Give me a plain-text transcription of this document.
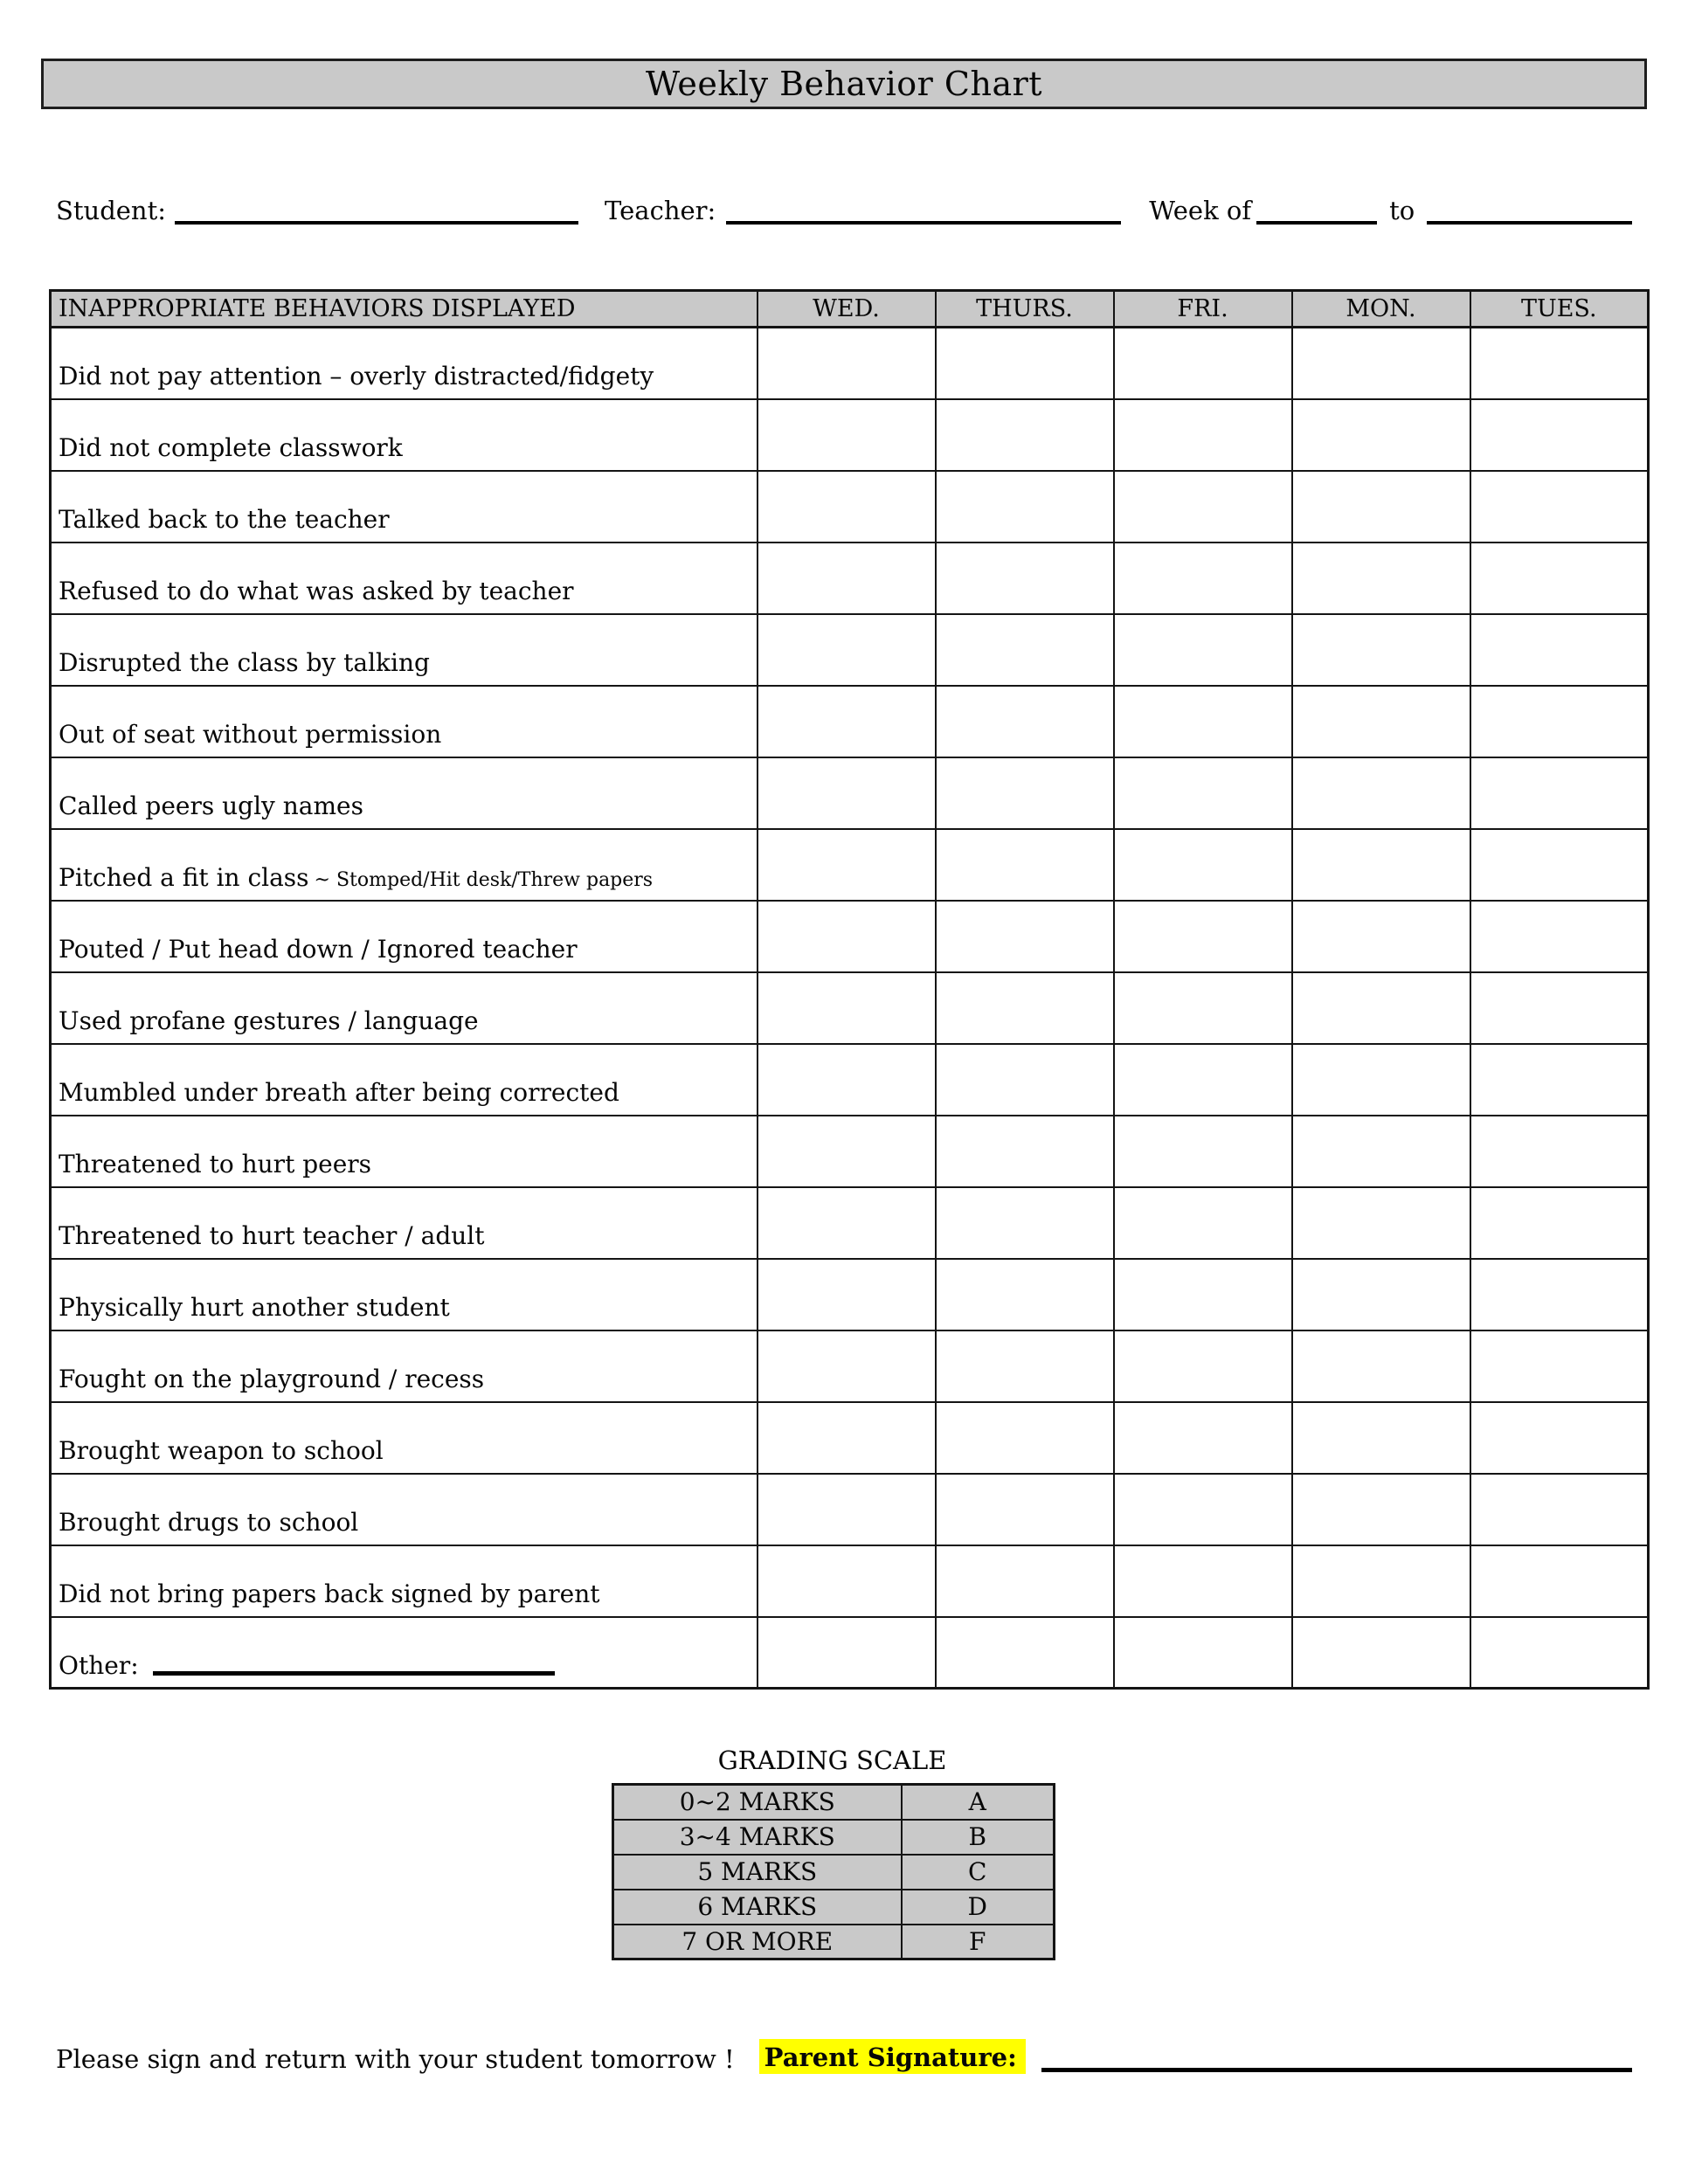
Weekly Behavior Chart
Student:	Teacher:	Week of	to
INAPPROPRIATE BEHAVIORS DISPLAYED	WED.	THURS.	FRI.	MON.	TUES.
Did not pay attention – overly distracted/fidgety					
Did not complete classwork					
Talked back to the teacher					
Refused to do what was asked by teacher					
Disrupted the class by talking					
Out of seat without permission					
Called peers ugly names					
Pitched a fit in class ~ Stomped/Hit desk/Threw papers					
Pouted / Put head down / Ignored teacher					
Used profane gestures / language					
Mumbled under breath after being corrected					
Threatened to hurt peers					
Threatened to hurt teacher / adult					
Physically hurt another student					
Fought on the playground / recess					
Brought weapon to school					
Brought drugs to school					
Did not bring papers back signed by parent					

Other:					

GRADING SCALE
0~2 MARKS	A
3~4 MARKS	B
5 MARKS	C
6 MARKS	D
7 OR MORE	F
Please sign and return with your student tomorrow ! Parent Signature:
